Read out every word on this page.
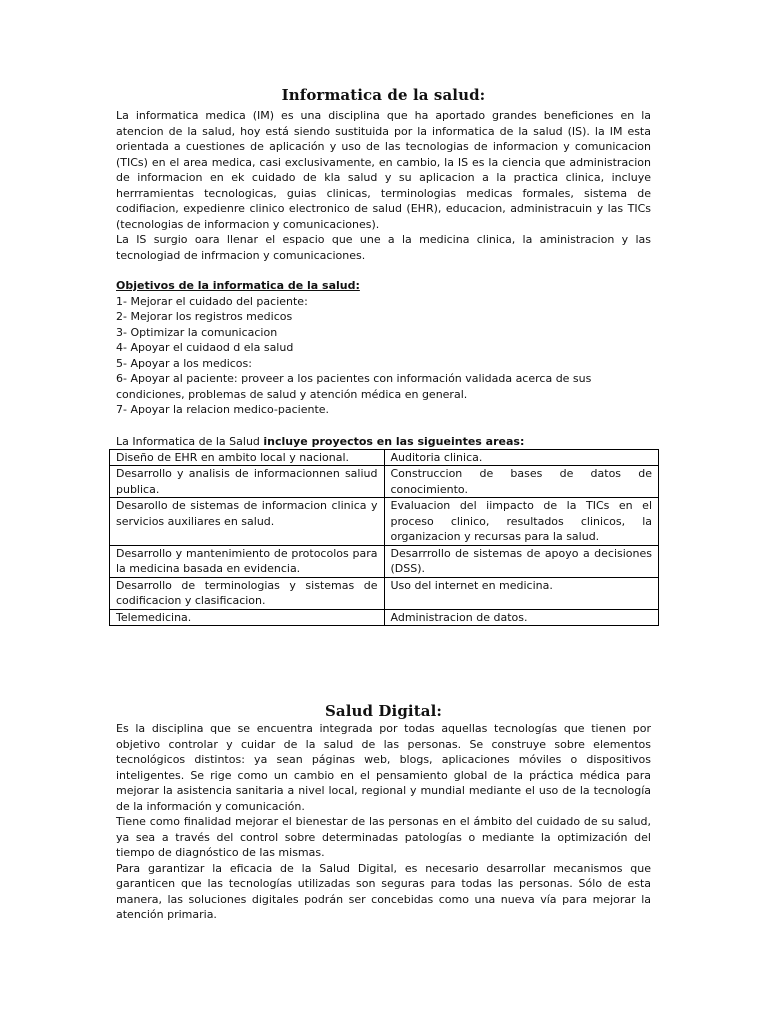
Informatica de la salud:

La informatica medica (IM) es una disciplina que ha aportado grandes beneficiones en la atencion de la salud, hoy está siendo sustituida por la informatica de la salud (IS). la IM esta orientada a cuestiones de aplicación y uso de las tecnologias de informacion y comunicacion (TICs) en el area medica, casi exclusivamente, en cambio, la IS es la ciencia que administracion de informacion en ek cuidado de kla salud y su aplicacion a la practica clinica, incluye herrramientas tecnologicas, guias clinicas, terminologias medicas formales, sistema de codifiacion, expedienre clinico electronico de salud (EHR), educacion, administracuin y las TICs (tecnologias de informacion y comunicaciones).

La IS surgio oara llenar el espacio que une a la medicina clinica, la aministracion y las tecnologiad de infrmacion y comunicaciones.

Objetivos de la informatica de la salud:

1- Mejorar el cuidado del paciente:
2- Mejorar los registros medicos
3- Optimizar la comunicacion
4- Apoyar el cuidaod d ela salud
5- Apoyar a los medicos:
6- Apoyar al paciente: proveer a los pacientes con información validada acerca de sus condiciones, problemas de salud y atención médica en general.
7- Apoyar la relacion medico-paciente.

La Informatica de la Salud incluye proyectos en las sigueintes areas:

Diseño de EHR en ambito local y nacional.	Auditoria clinica.
Desarrollo y analisis de informacionnen saliud publica.	Construccion de bases de datos de conocimiento.
Desarollo de sistemas de informacion clinica y servicios auxiliares en salud.	Evaluacion del iimpacto de la TICs en el proceso clinico, resultados clinicos, la organizacion y recursas para la salud.
Desarrollo y mantenimiento de protocolos para la medicina basada en evidencia.	Desarrrollo de sistemas de apoyo a decisiones (DSS).
Desarrollo de terminologias y sistemas de codificacion y clasificacion.	Uso del internet en medicina.
Telemedicina.	Administracion de datos.
Salud Digital:

Es la disciplina que se encuentra integrada por todas aquellas tecnologías que tienen por objetivo controlar y cuidar de la salud de las personas. Se construye sobre elementos tecnológicos distintos: ya sean páginas web, blogs, aplicaciones móviles o dispositivos inteligentes. Se rige como un cambio en el pensamiento global de la práctica médica para mejorar la asistencia sanitaria a nivel local, regional y mundial mediante el uso de la tecnología de la información y comunicación.

Tiene como finalidad mejorar el bienestar de las personas en el ámbito del cuidado de su salud, ya sea a través del control sobre determinadas patologías o mediante la optimización del tiempo de diagnóstico de las mismas.

Para garantizar la eficacia de la Salud Digital, es necesario desarrollar mecanismos que garanticen que las tecnologías utilizadas son seguras para todas las personas. Sólo de esta manera, las soluciones digitales podrán ser concebidas como una nueva vía para mejorar la atención primaria.
